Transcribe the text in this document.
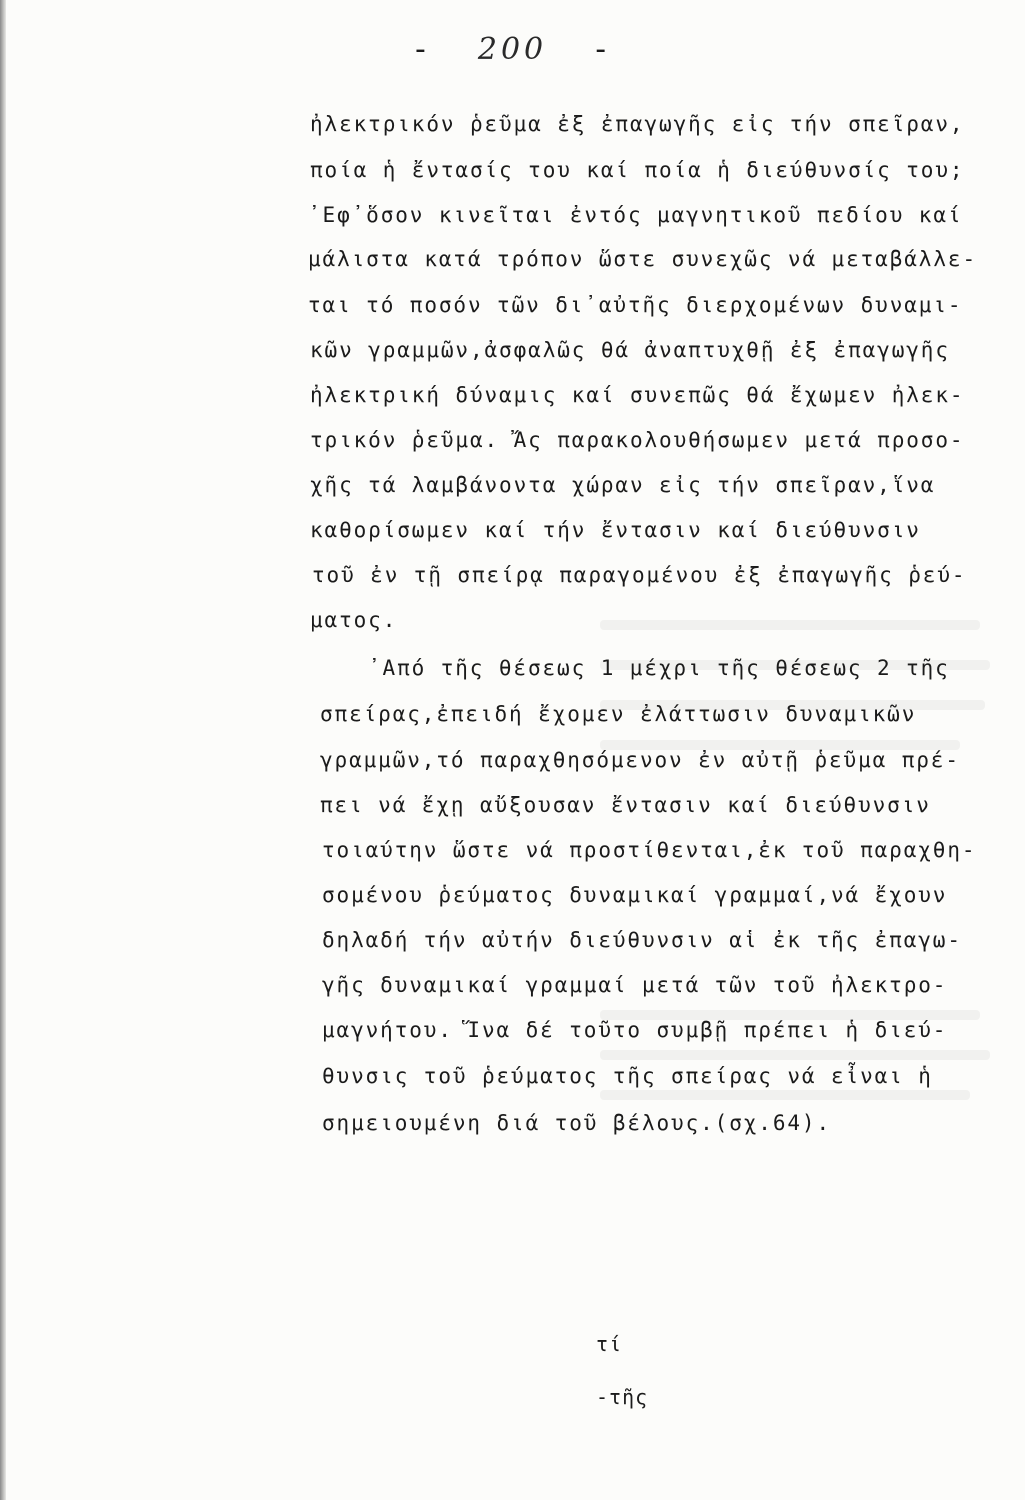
- 200 -
ἠλεκτρικόν ῥεῦμα ἐξ ἐπαγωγῆς εἰς τήν σπεῖραν,
ποία ἡ ἔντασίς του καί ποία ἡ διεύθυνσίς του;
᾿Εφ᾿ὅσον κινεῖται ἐντός μαγνητικοῦ πεδίου καί
μάλιστα κατά τρόπον ὥστε συνεχῶς νά μεταβάλλε-
ται τό ποσόν τῶν δι᾿αὐτῆς διερχομένων δυναμι-
κῶν γραμμῶν,ἀσφαλῶς θά ἀναπτυχθῇ ἐξ ἐπαγωγῆς
ἠλεκτρική δύναμις καί συνεπῶς θά ἔχωμεν ἠλεκ-
τρικόν ῥεῦμα. Ἄς παρακολουθήσωμεν μετά προσο-
χῆς τά λαμβάνοντα χώραν εἰς τήν σπεῖραν,ἵνα
καθορίσωμεν καί τήν ἔντασιν καί διεύθυνσιν
τοῦ ἐν τῇ σπείρᾳ παραγομένου ἐξ ἐπαγωγῆς ῥεύ-
ματος.
᾿Από τῆς θέσεως 1 μέχρι τῆς θέσεως 2 τῆς
σπείρας,ἐπειδή ἔχομεν ἐλάττωσιν δυναμικῶν
γραμμῶν,τό παραχθησόμενον ἐν αὐτῇ ῥεῦμα πρέ-
πει νά ἔχῃ αὔξουσαν ἔντασιν καί διεύθυνσιν
τοιαύτην ὥστε νά προστίθενται,ἐκ τοῦ παραχθη-
σομένου ῥεύματος δυναμικαί γραμμαί,νά ἔχουν
δηλαδή τήν αὐτήν διεύθυνσιν αἱ ἐκ τῆς ἐπαγω-
γῆς δυναμικαί γραμμαί μετά τῶν τοῦ ἠλεκτρο-
μαγνήτου. Ἵνα δέ τοῦτο συμβῇ πρέπει ἡ διεύ-
θυνσις τοῦ ῥεύματος τῆς σπείρας νά εἶναι ἡ
σημειουμένη διά τοῦ βέλους.(σχ.64).
τί
-τῆς
